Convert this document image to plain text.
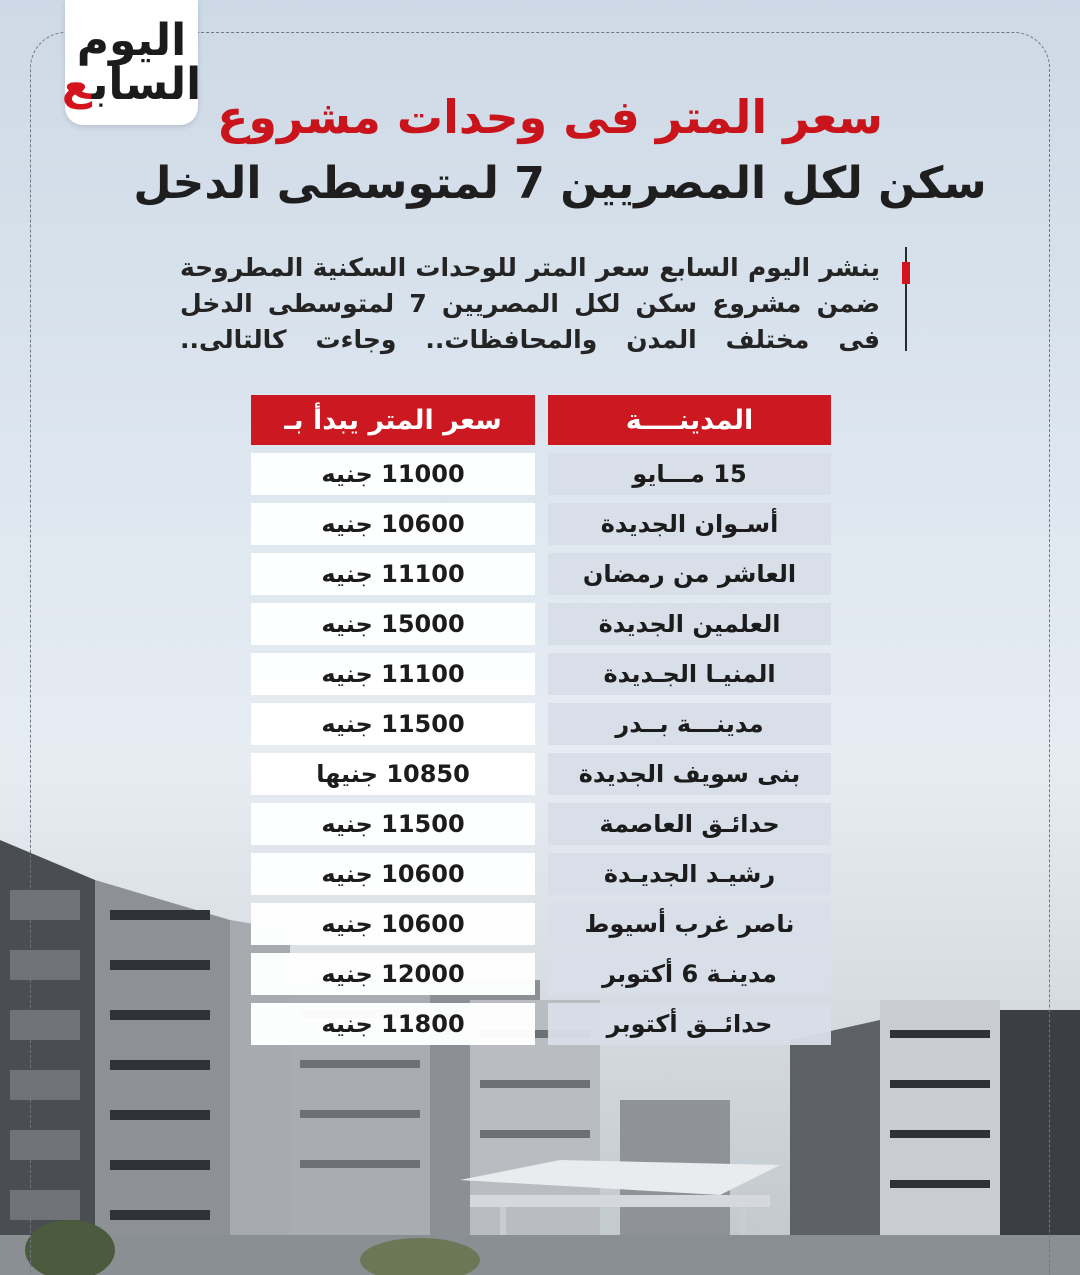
اليوم
السابع
سعر المتر فى وحدات مشروع
سكن لكل المصريين 7 لمتوسطى الدخل

ينشر اليوم السابع سعر المتر للوحدات السكنية المطروحة ضمن مشروع سكن لكل المصريين 7 لمتوسطى الدخل فى مختلف المدن والمحافظات.. وجاءت كالتالى..

المدينــــة
سعر المتر يبدأ بـ
15 مـــايو
11000 جنيه
أسـوان الجديدة
10600 جنيه
العاشر من رمضان
11100 جنيه
العلمين الجديدة
15000 جنيه
المنيـا الجـديدة
11100 جنيه
مدينـــة بــدر
11500 جنيه
بنى سويف الجديدة
10850 جنيها
حدائـق العاصمة
11500 جنيه
رشيـد الجديـدة
10600 جنيه
ناصر غرب أسيوط
10600 جنيه
مدينـة 6 أكتوبر
12000 جنيه
حدائــق أكتوبر
11800 جنيه
